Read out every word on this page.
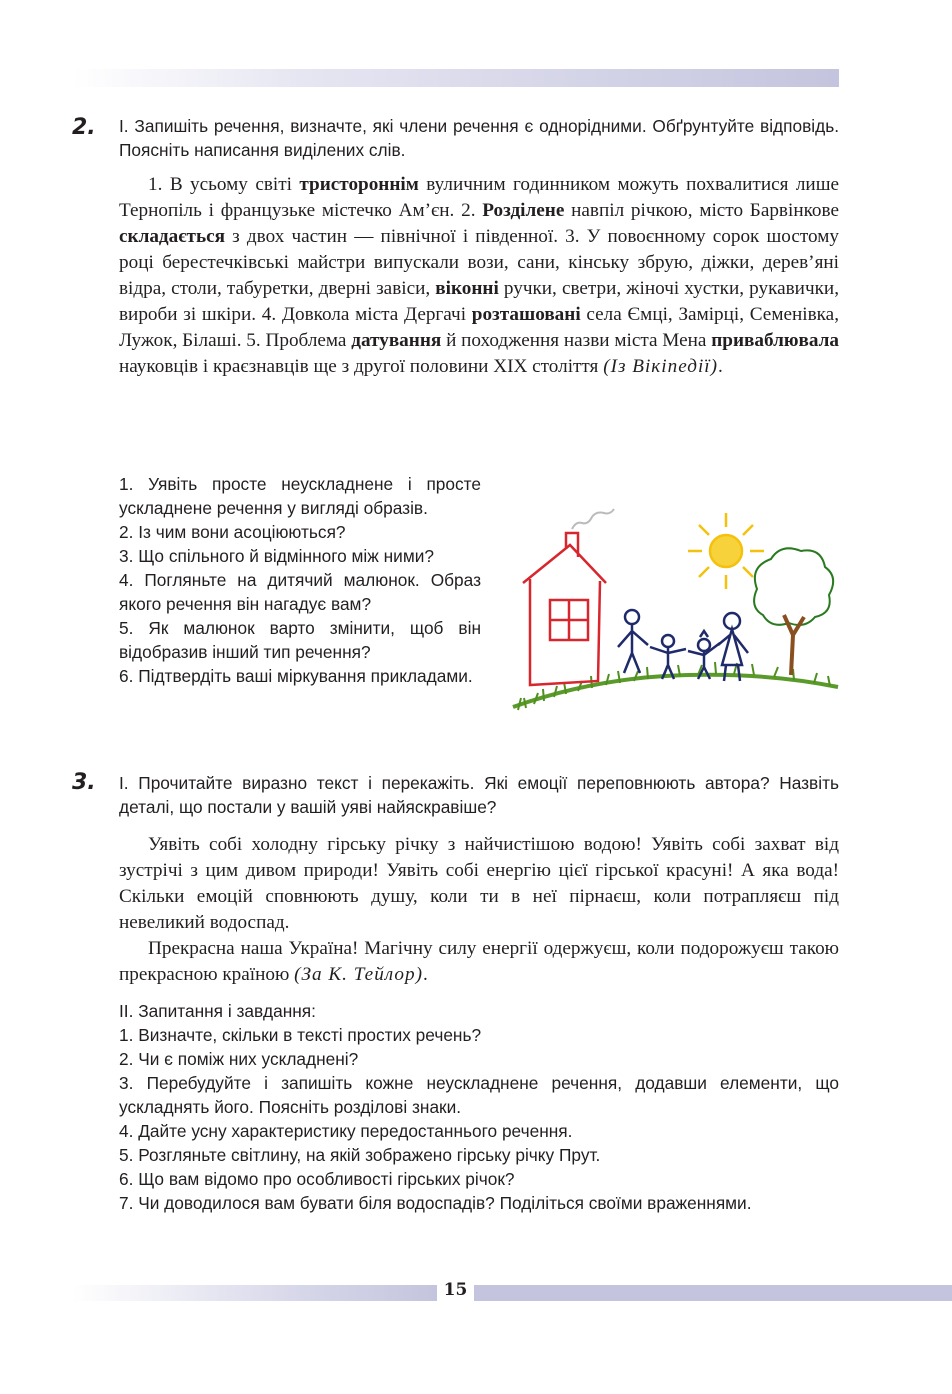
2. І. Запишіть речення, визначте, які члени речення є однорідними. Обґрунтуйте відповідь. Поясніть написання виділених слів.

1. В усьому світі тристороннім вуличним годинником можуть похвалитися лише Тернопіль і французьке містечко Ам’єн. 2. Розділене навпіл річкою, місто Барвінкове складається з двох частин — північної і південної. 3. У повоєнному сорок шостому році берестечківські майстри випускали вози, сани, кінську збрую, діжки, дерев’яні відра, столи, табуретки, дверні завіси, віконні ручки, светри, жіночі хустки, рукавички, вироби зі шкіри. 4. Довкола міста Дергачі розташовані села Ємці, Замірці, Семенівка, Лужок, Білаші. 5. Проблема датування й походження назви міста Мена приваблювала науковців і краєзнавців ще з другої половини XIX століття (Із Вікіпедії).

1. Уявіть просте неускладнене і просте ускладнене речення у вигляді образів.
2. Із чим вони асоціюються?
3. Що спільного й відмінного між ними?
4. Погляньте на дитячий малюнок. Образ якого речення він нагадує вам?
5. Як малюнок варто змінити, щоб він відобразив інший тип речення?
6. Підтвердіть ваші міркування прикладами.
3. І. Прочитайте виразно текст і перекажіть. Які емоції переповнюють автора? Назвіть деталі, що постали у вашій уяві найяскравіше?

Уявіть собі холодну гірську річку з найчистішою водою! Уявіть собі захват від зустрічі з цим дивом природи! Уявіть собі енергію цієї гірської красуні! А яка вода! Скільки емоцій сповнюють душу, коли ти в неї пірнаєш, коли потрапляєш під невеликий водоспад.

Прекрасна наша Україна! Магічну силу енергії одержуєш, коли подорожуєш такою прекрасною країною (За К. Тейлор).

ІІ. Запитання і завдання:
1. Визначте, скільки в тексті простих речень?
2. Чи є поміж них ускладнені?
3. Перебудуйте і запишіть кожне неускладнене речення, додавши елементи, що ускладнять його. Поясніть розділові знаки.
4. Дайте усну характеристику передостаннього речення.
5. Розгляньте світлину, на якій зображено гірську річку Прут.
6. Що вам відомо про особливості гірських річок?
7. Чи доводилося вам бувати біля водоспадів? Поділіться своїми враженнями.
15
